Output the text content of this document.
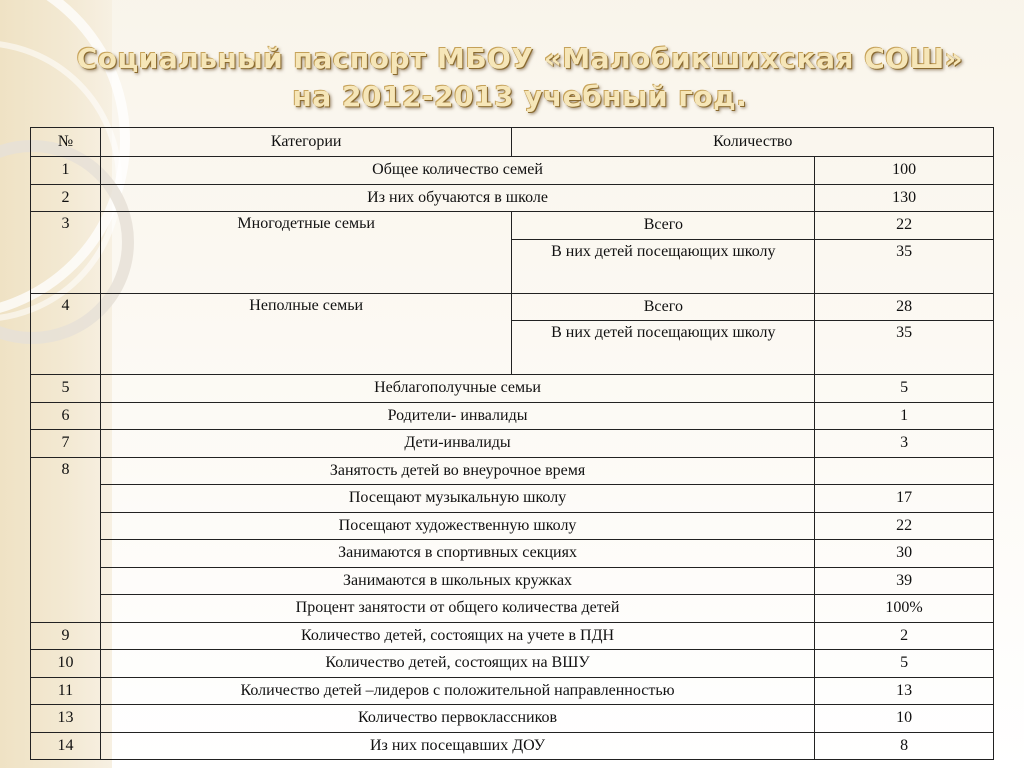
Социальный паспорт МБОУ «Малобикшихская СОШ»
на 2012-2013 учебный год.
№	Категории	Количество	
1	Общее количество семей		100
2	Из них обучаются в школе		130
3	Многодетные семьи	Всего	22
		В них детей посещающих школу	35
4	Неполные семьи	Всего	28
		В них детей посещающих школу	35
5	Неблагополучные семьи		5
6	Родители- инвалиды		1
7	Дети-инвалиды		3
8	Занятость детей во внеурочное время		
	Посещают музыкальную школу		17
	Посещают художественную школу		22
	Занимаются в спортивных секциях		30
	Занимаются в школьных кружках		39
	Процент занятости от общего количества детей		100%
9	Количество детей, состоящих на учете в ПДН		2
10	Количество детей, состоящих на ВШУ		5
11	Количество детей –лидеров с положительной направленностью		13
13	Количество первоклассников		10
14	Из них посещавших ДОУ		8
